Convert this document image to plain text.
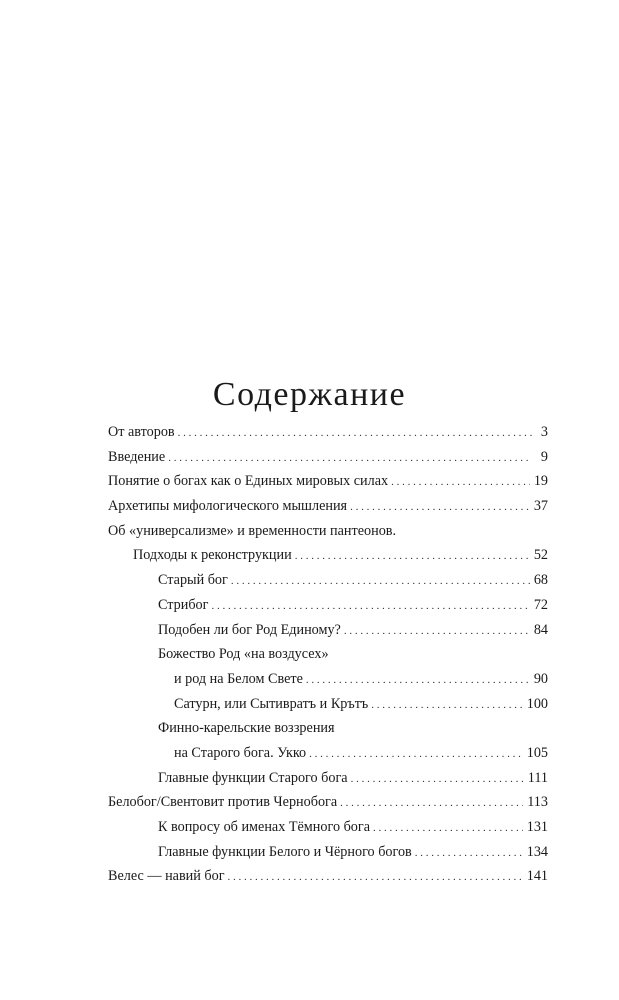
Содержание
От авторов . . .	3
Введение . . .	9
Понятие о богах как о Единых мировых силах . . .	19
Архетипы мифологического мышления . . .	37
Об «универсализме» и временности пантеонов.
Подходы к реконструкции . . .	52
Старый бог . . .	68
Стрибог . . .	72
Подобен ли бог Род Единому? . . .	84
Божество Род «на воздусех»
и род на Белом Свете . . .	90
Сатурн, или Сытивратъ и Крътъ . . .	100
Финно-карельские воззрения
на Старого бога. Укко . . .	105
Главные функции Старого бога . . .	111
Белобог/Свентовит против Чернобога . . .	113
К вопросу об именах Тёмного бога . . .	131
Главные функции Белого и Чёрного богов . . .	134
Велес — навий бог . . .	141
